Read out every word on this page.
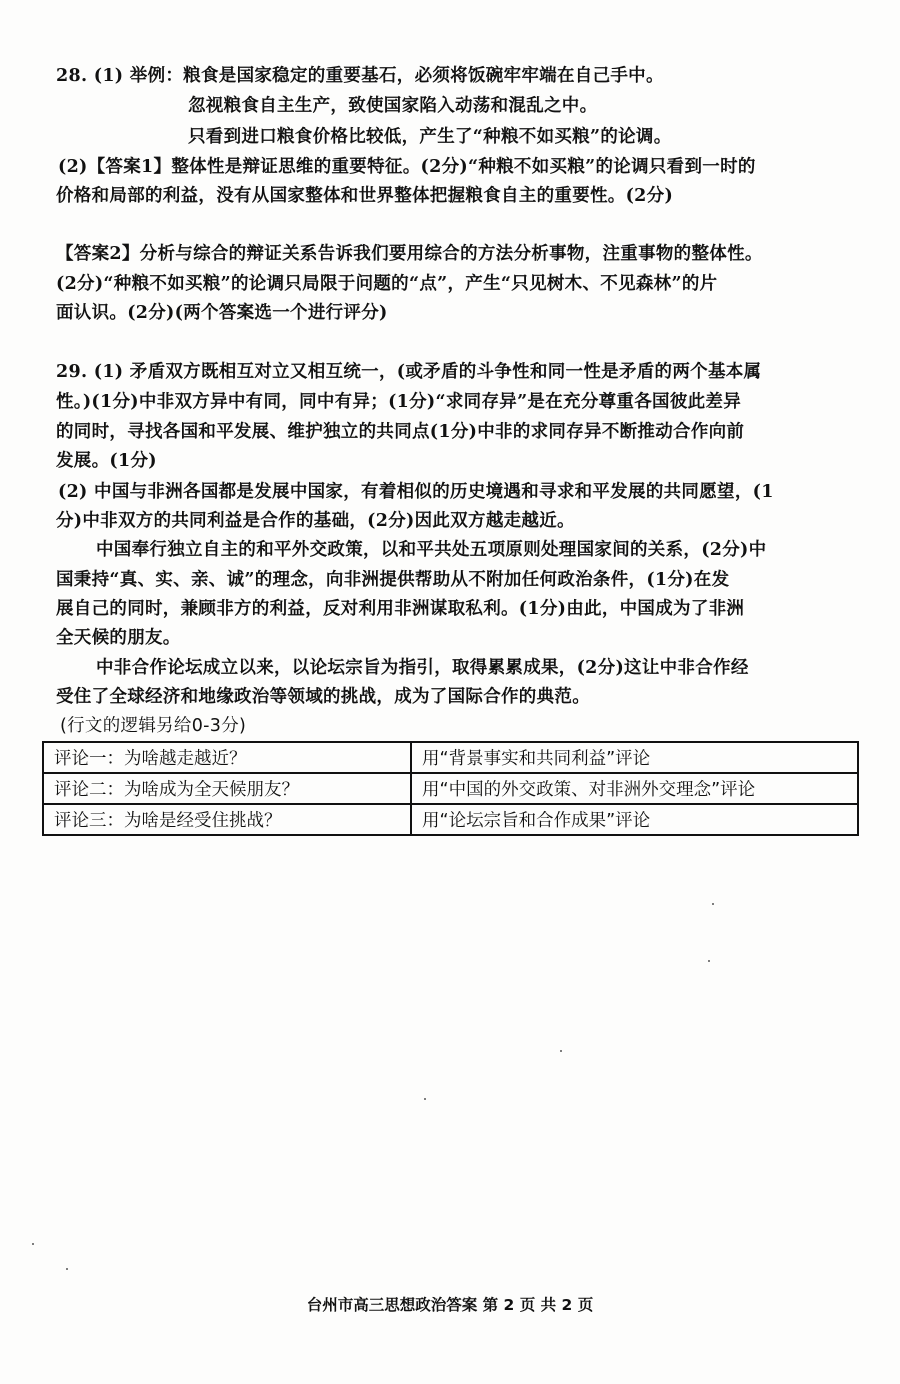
28. (1) 举例：粮食是国家稳定的重要基石，必须将饭碗牢牢端在自己手中。
忽视粮食自主生产，致使国家陷入动荡和混乱之中。
只看到进口粮食价格比较低，产生了“种粮不如买粮”的论调。
(2)【答案1】整体性是辩证思维的重要特征。(2分)“种粮不如买粮”的论调只看到一时的
价格和局部的利益，没有从国家整体和世界整体把握粮食自主的重要性。(2分)
【答案2】分析与综合的辩证关系告诉我们要用综合的方法分析事物，注重事物的整体性。
(2分)“种粮不如买粮”的论调只局限于问题的“点”，产生“只见树木、不见森林”的片
面认识。(2分)(两个答案选一个进行评分)
29. (1) 矛盾双方既相互对立又相互统一，(或矛盾的斗争性和同一性是矛盾的两个基本属
性。)(1分)中非双方异中有同，同中有异；(1分)“求同存异”是在充分尊重各国彼此差异
的同时，寻找各国和平发展、维护独立的共同点(1分)中非的求同存异不断推动合作向前
发展。(1分)
(2) 中国与非洲各国都是发展中国家，有着相似的历史境遇和寻求和平发展的共同愿望，(1
分)中非双方的共同利益是合作的基础，(2分)因此双方越走越近。
中国奉行独立自主的和平外交政策，以和平共处五项原则处理国家间的关系，(2分)中
国秉持“真、实、亲、诚”的理念，向非洲提供帮助从不附加任何政治条件，(1分)在发
展自己的同时，兼顾非方的利益，反对利用非洲谋取私利。(1分)由此，中国成为了非洲
全天候的朋友。
中非合作论坛成立以来，以论坛宗旨为指引，取得累累成果，(2分)这让中非合作经
受住了全球经济和地缘政治等领域的挑战，成为了国际合作的典范。
(行文的逻辑另给0-3分)
评论一：为啥越走越近？	用“背景事实和共同利益”评论
评论二：为啥成为全天候朋友？	用“中国的外交政策、对非洲外交理念”评论
评论三：为啥是经受住挑战？	用“论坛宗旨和合作成果”评论
台州市高三思想政治答案 第 2 页 共 2 页
